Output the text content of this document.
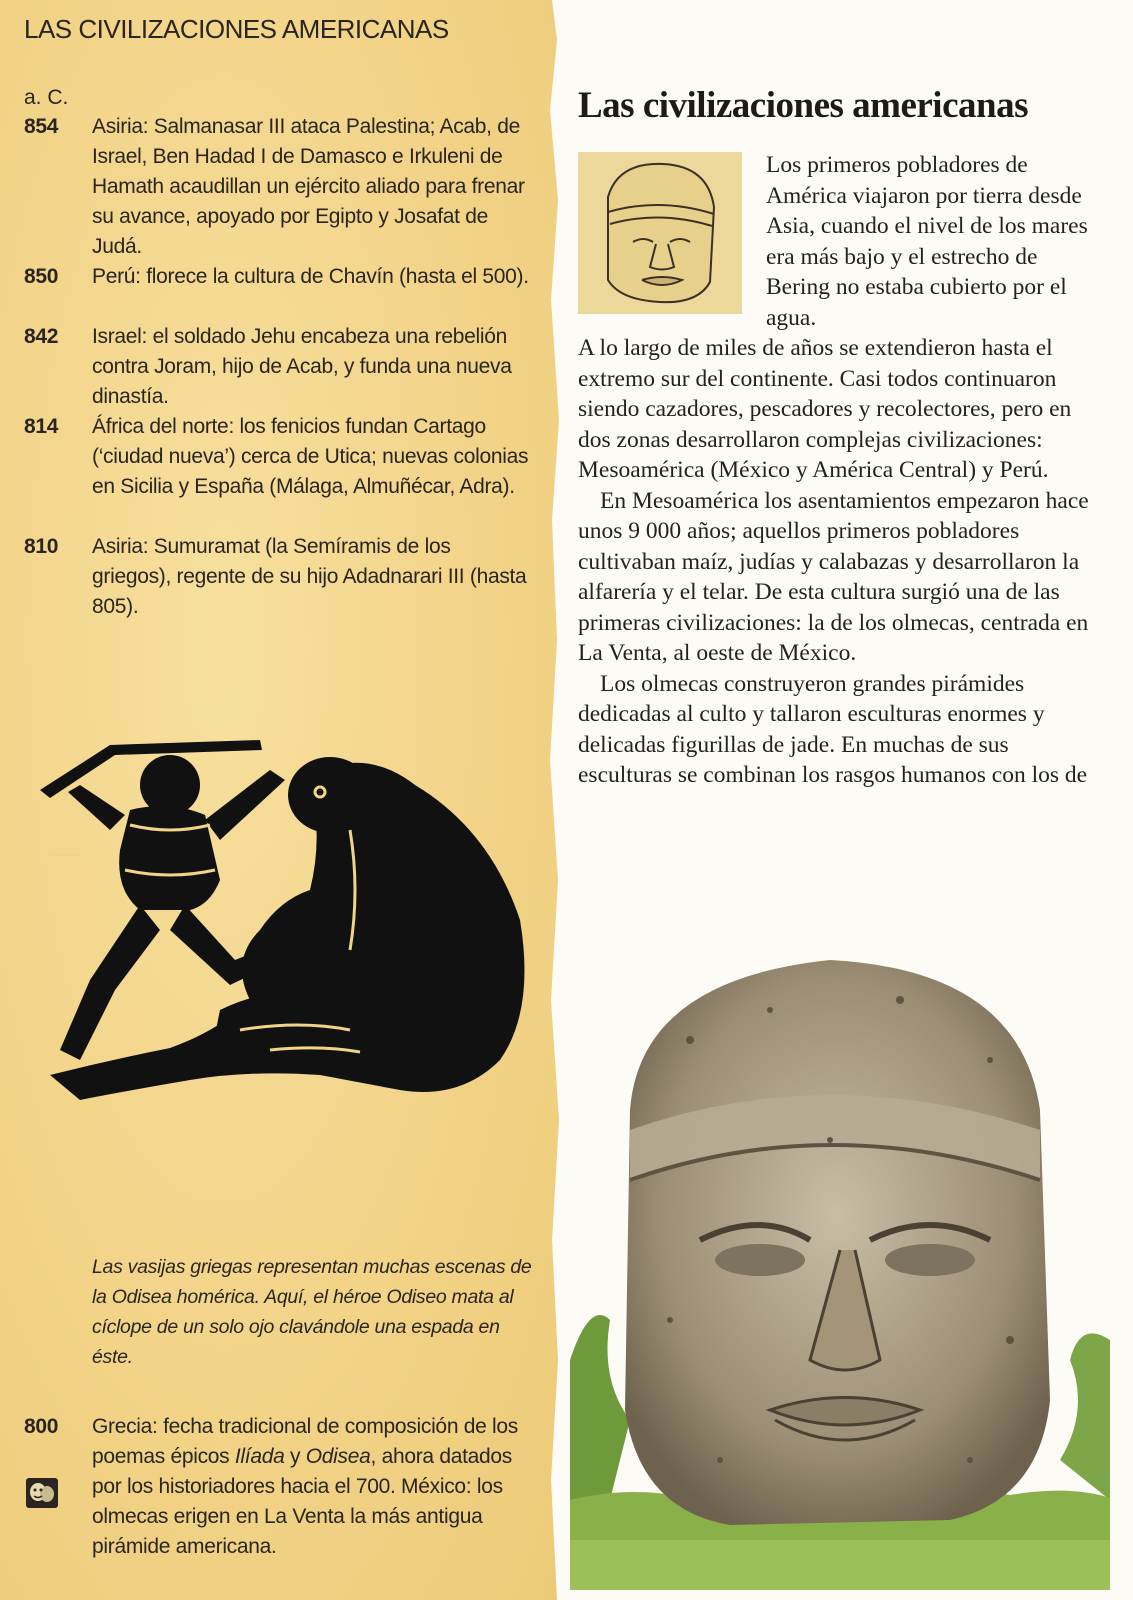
LAS CIVILIZACIONES AMERICANAS
a. C.
854 Asiria: Salmanasar III ataca Palestina; Acab, de Israel, Ben Hadad I de Damasco e Irkuleni de Hamath acaudillan un ejército aliado para frenar su avance, apoyado por Egipto y Josafat de Judá.
850 Perú: florece la cultura de Chavín (hasta el 500).
842 Israel: el soldado Jehu encabeza una rebelión contra Joram, hijo de Acab, y funda una nueva dinastía.
814 África del norte: los fenicios fundan Cartago (‘ciudad nueva’) cerca de Utica; nuevas colonias en Sicilia y España (Málaga, Almuñécar, Adra).
810 Asiria: Sumuramat (la Semíramis de los griegos), regente de su hijo Adadnarari III (hasta 805).
Las vasijas griegas representan muchas escenas de la Odisea homérica. Aquí, el héroe Odiseo mata al cíclope de un solo ojo clavándole una espada en éste.
800 Grecia: fecha tradicional de composición de los poemas épicos Ilíada y Odisea, ahora datados por los historiadores hacia el 700. México: los olmecas erigen en La Venta la más antigua pirámide americana.
Las civilizaciones americanas
Los primeros pobladores de América viajaron por tierra desde Asia, cuando el nivel de los mares era más bajo y el estrecho de Bering no estaba cubierto por el agua.

A lo largo de miles de años se extendieron hasta el extremo sur del continente. Casi todos continuaron siendo cazadores, pescadores y recolectores, pero en dos zonas desarrollaron complejas civilizaciones: Mesoamérica (México y América Central) y Perú.

En Mesoamérica los asentamientos empezaron hace unos 9 000 años; aquellos primeros pobladores cultivaban maíz, judías y calabazas y desarrollaron la alfarería y el telar. De esta cultura surgió una de las primeras civilizaciones: la de los olmecas, centrada en La Venta, al oeste de México.

Los olmecas construyeron grandes pirámides dedicadas al culto y tallaron esculturas enormes y delicadas figurillas de jade. En muchas de sus esculturas se combinan los rasgos humanos con los de
